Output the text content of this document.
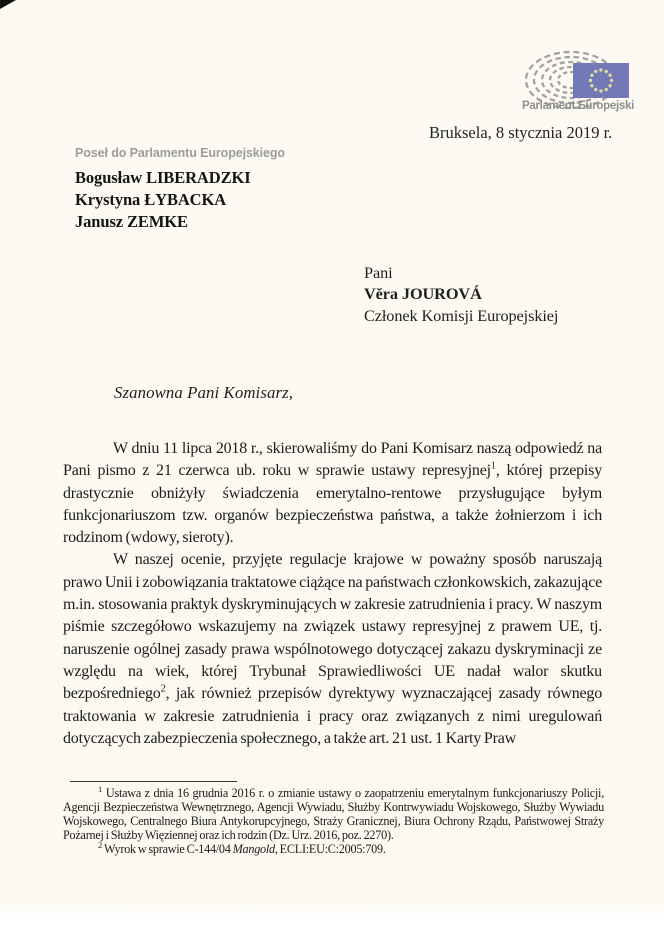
Parlament Europejski
Bruksela, 8 stycznia 2019 r.
Poseł do Parlamentu Europejskiego
Bogusław LIBERADZKI
Krystyna ŁYBACKA
Janusz ZEMKE
Pani
Věra JOUROVÁ
Członek Komisji Europejskiej
Szanowna Pani Komisarz,

W dniu 11 lipca 2018 r., skierowaliśmy do Pani Komisarz naszą odpowiedź na Pani pismo z 21 czerwca ub. roku w sprawie ustawy represyjnej$^1$, której przepisy drastycznie obniżyły świadczenia emerytalno-rentowe przysługujące byłym funkcjonariuszom tzw. organów bezpieczeństwa państwa, a także żołnierzom i ich rodzinom (wdowy, sieroty).

W naszej ocenie, przyjęte regulacje krajowe w poważny sposób naruszają prawo Unii i zobowiązania traktatowe ciążące na państwach członkowskich, zakazujące m.in. stosowania praktyk dyskryminujących w zakresie zatrudnienia i pracy. W naszym piśmie szczegółowo wskazujemy na związek ustawy represyjnej z prawem UE, tj. naruszenie ogólnej zasady prawa wspólnotowego dotyczącej zakazu dyskryminacji ze względu na wiek, której Trybunał Sprawiedliwości UE nadał walor skutku bezpośredniego$^2$, jak również przepisów dyrektywy wyznaczającej zasady równego traktowania w zakresie zatrudnienia i pracy oraz związanych z nimi uregulowań dotyczących zabezpieczenia społecznego, a także art. 21 ust. 1 Karty Praw

$^1$ Ustawa z dnia 16 grudnia 2016 r. o zmianie ustawy o zaopatrzeniu emerytalnym funkcjonariuszy Policji, Agencji Bezpieczeństwa Wewnętrznego, Agencji Wywiadu, Służby Kontrwywiadu Wojskowego, Służby Wywiadu Wojskowego, Centralnego Biura Antykorupcyjnego, Straży Granicznej, Biura Ochrony Rządu, Państwowej Straży Pożarnej i Służby Więziennej oraz ich rodzin (Dz. Urz. 2016, poz. 2270).

$^2$ Wyrok w sprawie C-144/04 Mangold, ECLI:EU:C:2005:709.
